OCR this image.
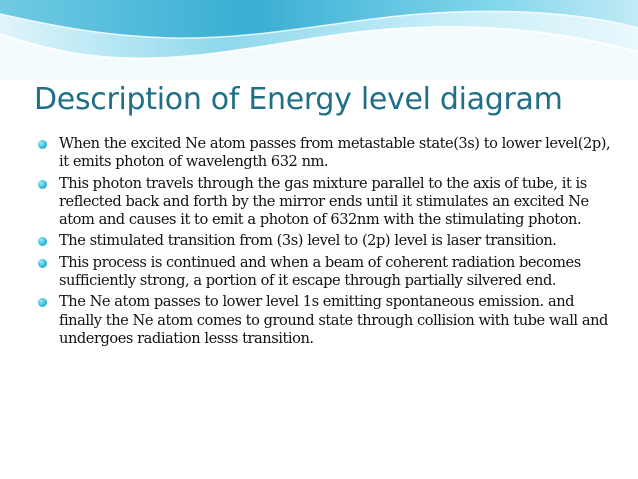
Description of Energy level diagram
When the excited Ne atom passes from metastable state(3s) to lower level(2p), it emits photon of wavelength 632 nm.
This photon travels through the gas mixture parallel to the axis of tube, it is reflected back and forth by the mirror ends until it stimulates an excited Ne atom and causes it to emit a photon of 632nm with the stimulating photon.
The stimulated transition from (3s) level to (2p) level is laser transition.
This process is continued and when a beam of coherent radiation becomes sufficiently strong, a portion of it escape through partially silvered end.
The Ne atom passes to lower level 1s emitting spontaneous emission. and finally the Ne atom comes to ground state through collision with tube wall and undergoes radiation lesss transition.
